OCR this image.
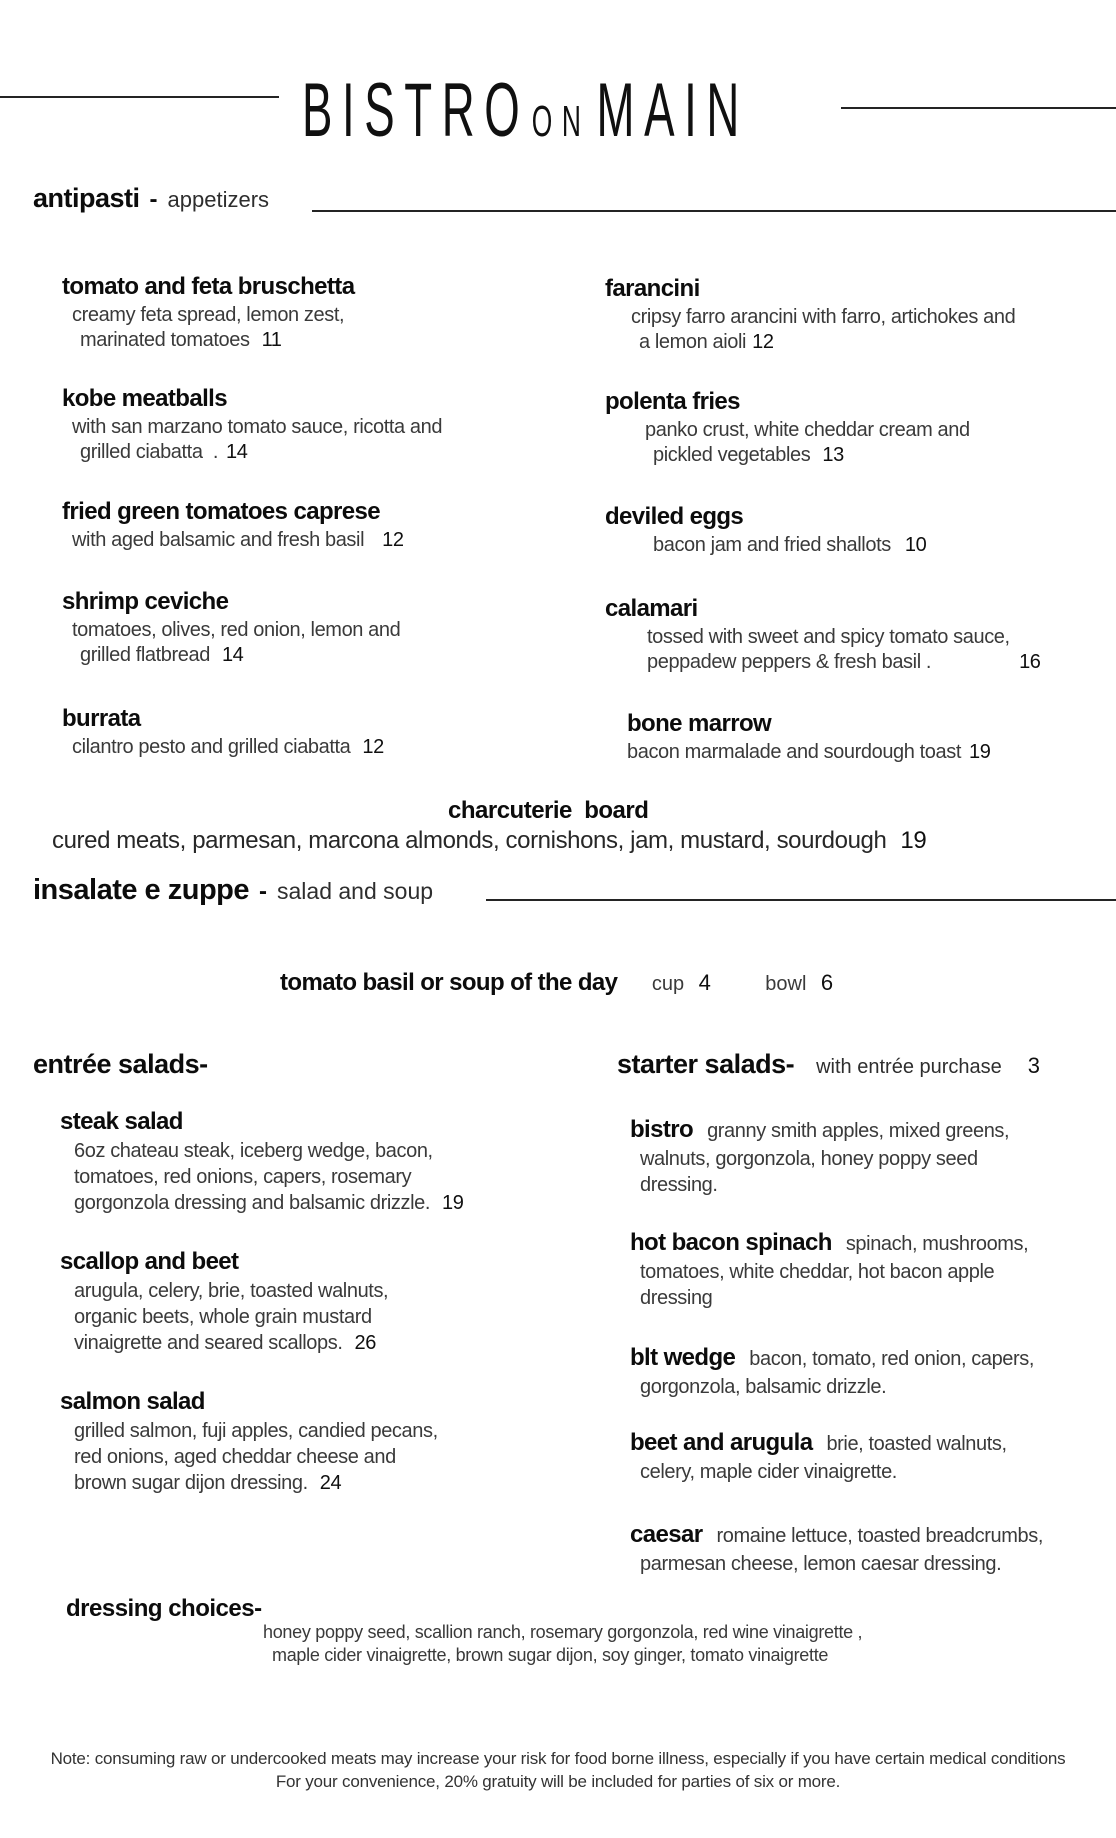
BISTROONMAIN
antipasti - appetizers
tomato and feta bruschetta
creamy feta spread, lemon zest,
marinated tomatoes 11
kobe meatballs
with san marzano tomato sauce, ricotta and
grilled ciabatta  . 14
fried green tomatoes caprese
with aged balsamic and fresh basil 12
shrimp ceviche
tomatoes, olives, red onion, lemon and
grilled flatbread 14
burrata
cilantro pesto and grilled ciabatta 12
farancini
cripsy farro arancini with farro, artichokes and
a lemon aioli 12
polenta fries
panko crust, white cheddar cream and
pickled vegetables 13
deviled eggs
bacon jam and fried shallots 10
calamari
tossed with sweet and spicy tomato sauce,
peppadew peppers & fresh basil .	16
bone marrow
bacon marmalade and sourdough toast 19
charcuterie  board
cured meats, parmesan, marcona almonds, cornishons, jam, mustard, sourdough 19
insalate e zuppe - salad and soup
tomato basil or soup of the day cup 4	bowl 6
entrée salads-	starter salads- with entrée purchase 3
steak salad
6oz chateau steak, iceberg wedge, bacon,
tomatoes, red onions, capers, rosemary
gorgonzola dressing and balsamic drizzle. 19
scallop and beet
arugula, celery, brie, toasted walnuts,
organic beets, whole grain mustard
vinaigrette and seared scallops. 26
salmon salad
grilled salmon, fuji apples, candied pecans,
red onions, aged cheddar cheese and
brown sugar dijon dressing. 24
bistro granny smith apples, mixed greens,
walnuts, gorgonzola, honey poppy seed
dressing.
hot bacon spinach spinach, mushrooms,
tomatoes, white cheddar, hot bacon apple
dressing
blt wedge bacon, tomato, red onion, capers,
gorgonzola, balsamic drizzle.
beet and arugula brie, toasted walnuts,
celery, maple cider vinaigrette.
caesar romaine lettuce, toasted breadcrumbs,
parmesan cheese, lemon caesar dressing.
dressing choices-
honey poppy seed, scallion ranch, rosemary gorgonzola, red wine vinaigrette ,
maple cider vinaigrette, brown sugar dijon, soy ginger, tomato vinaigrette
Note: consuming raw or undercooked meats may increase your risk for food borne illness, especially if you have certain medical conditions
For your convenience, 20% gratuity will be included for parties of six or more.
